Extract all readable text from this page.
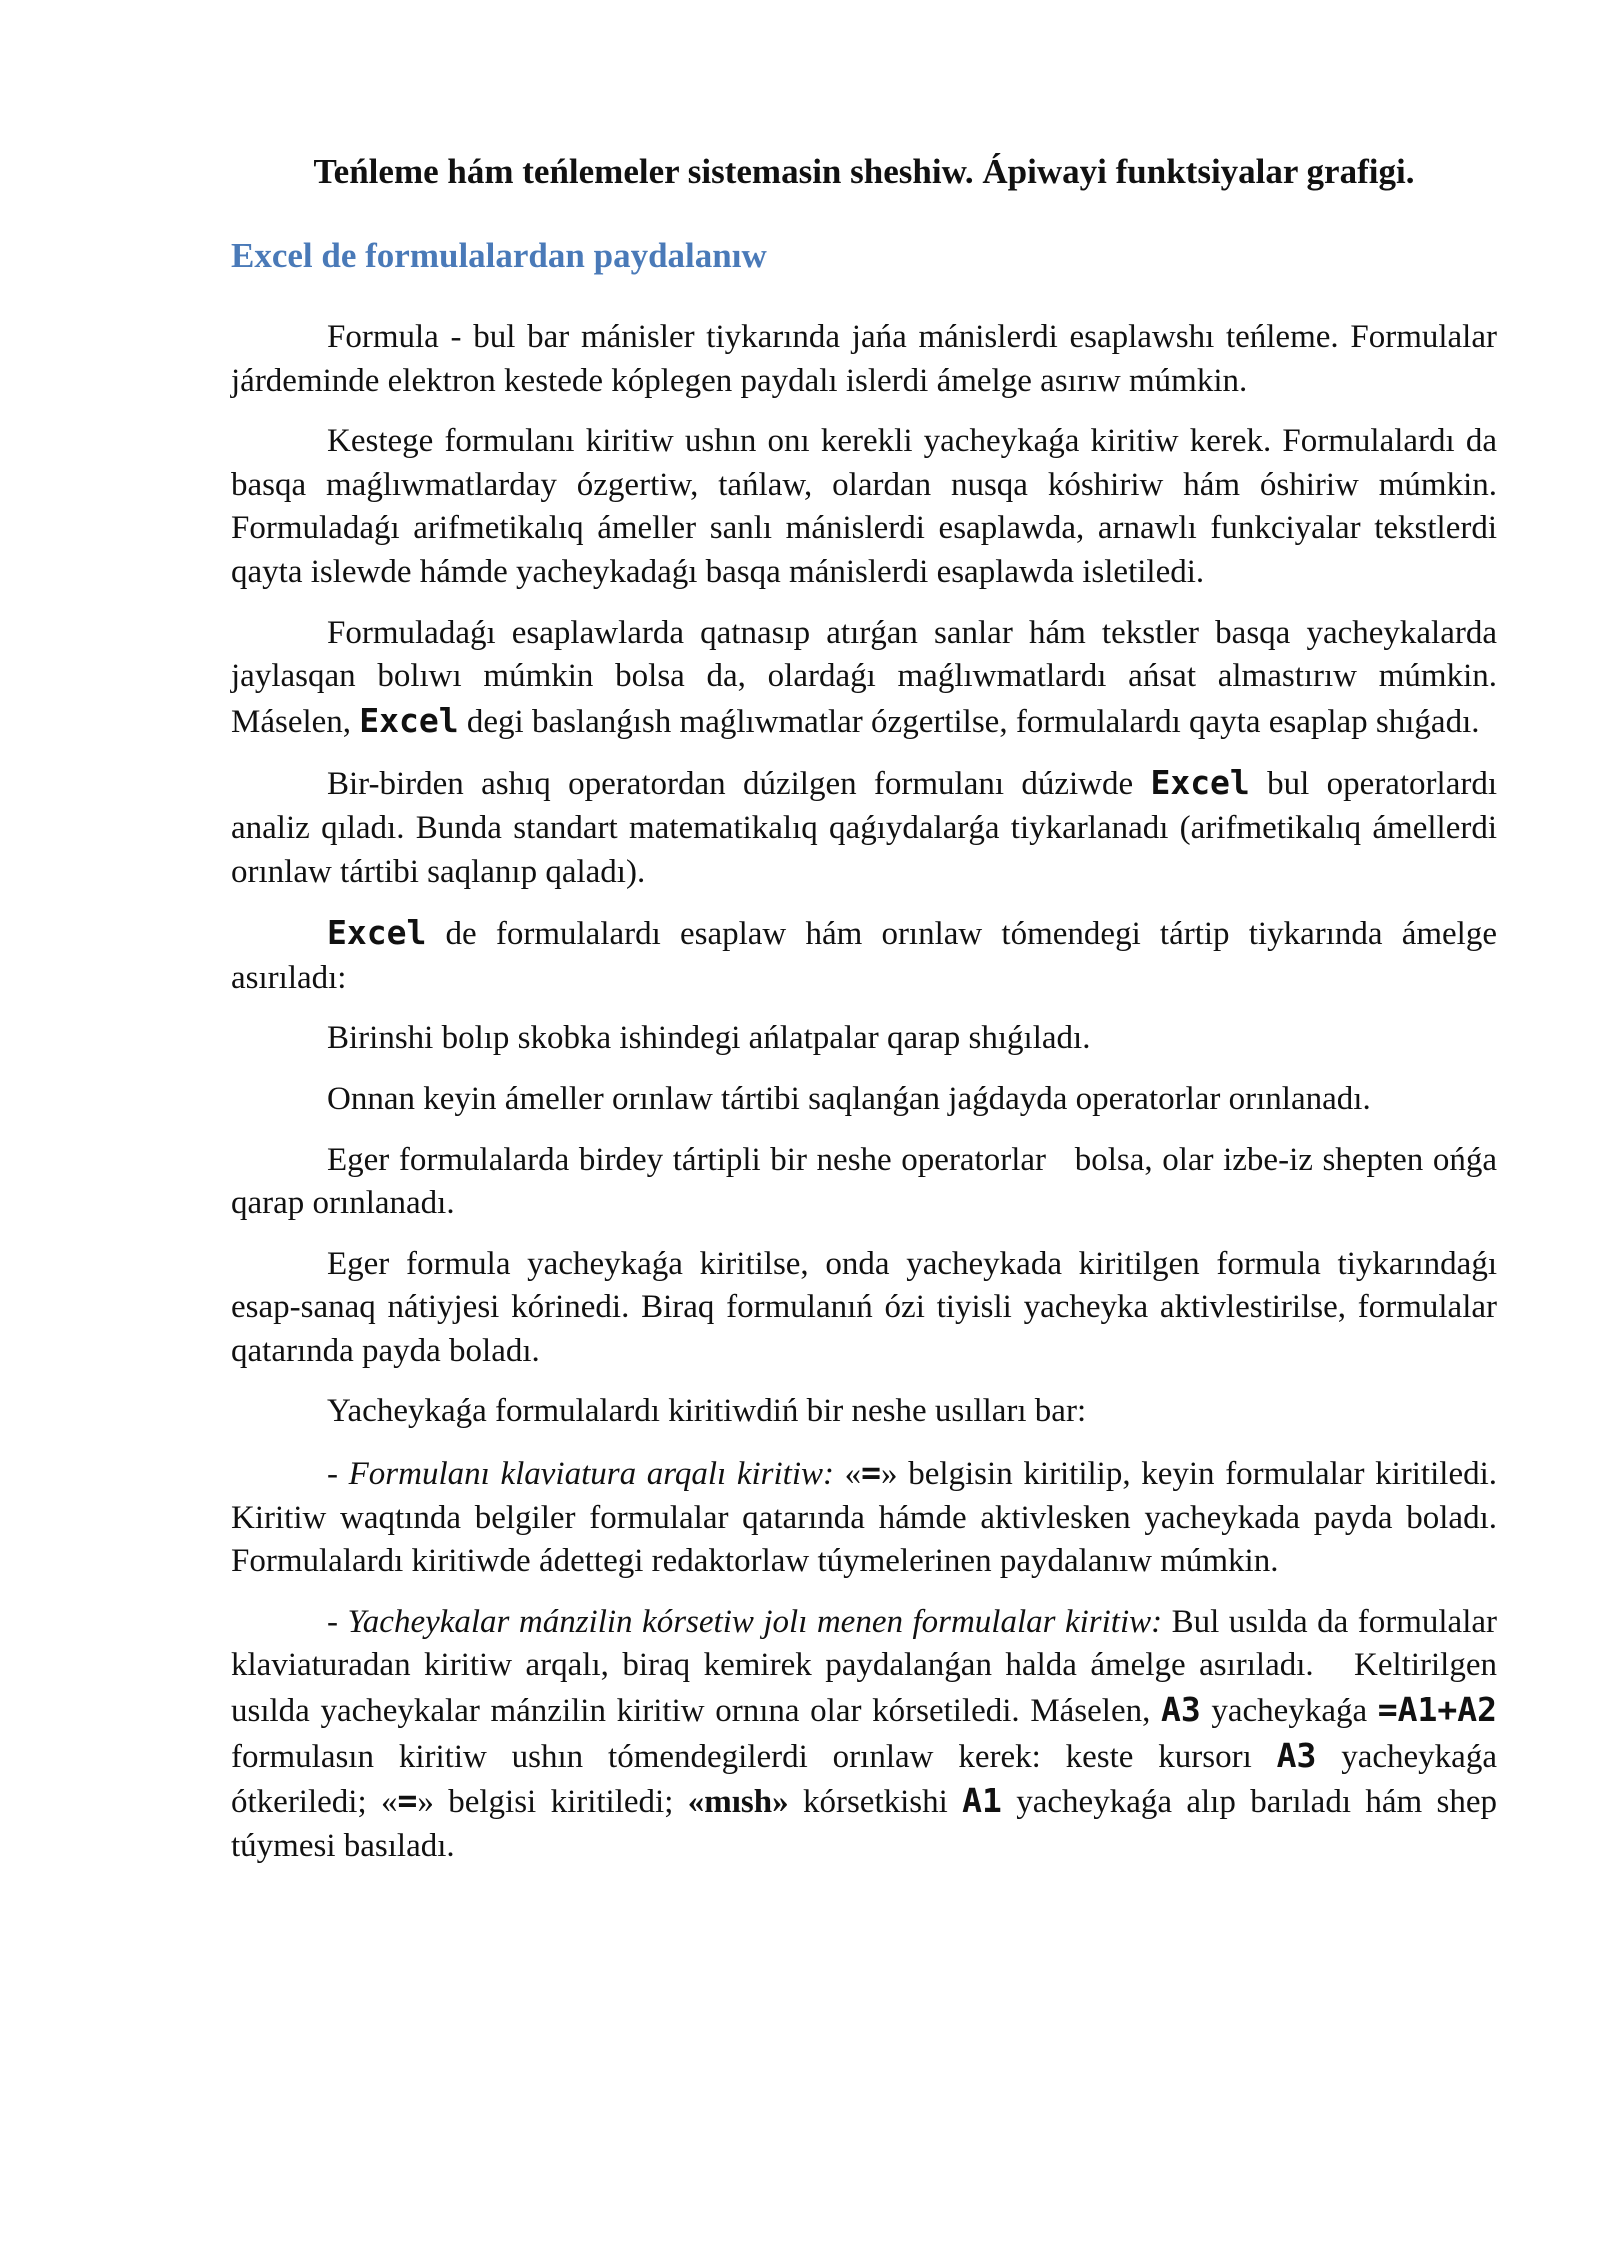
Teńleme hám teńlemeler sistemasin sheshiw. Ápiwayi funktsiyalar grafigi.
Excel de formulalardan paydalanıw

Formula - bul bar mánisler tiykarında jańa mánislerdi esaplawshı teńleme. Formulalar járdeminde elektron kestede kóplegen paydalı islerdi ámelge asırıw múmkin.

Kestege formulanı kiritiw ushın onı kerekli yacheykaǵa kiritiw kerek. Formulalardı da basqa maǵlıwmatlarday ózgertiw, tańlaw, olardan nusqa kóshiriw hám óshiriw múmkin. Formuladaǵı arifmetikalıq ámeller sanlı mánislerdi esaplawda, arnawlı funkciyalar tekstlerdi qayta islewde hámde yacheykadaǵı basqa mánislerdi esaplawda isletiledi.

Formuladaǵı esaplawlarda qatnasıp atırǵan sanlar hám tekstler basqa yacheykalarda jaylasqan bolıwı múmkin bolsa da, olardaǵı maǵlıwmatlardı ańsat almastırıw múmkin. Máselen, Excel degi baslanǵısh maǵlıwmatlar ózgertilse, formulalardı qayta esaplap shıǵadı.

Bir-birden ashıq operatordan dúzilgen formulanı dúziwde Excel bul operatorlardı analiz qıladı. Bunda standart matematikalıq qaǵıydalarǵa tiykarlanadı (arifmetikalıq ámellerdi orınlaw tártibi saqlanıp qaladı).

Excel de formulalardı esaplaw hám orınlaw tómendegi tártip tiykarında ámelge asırıladı:

Birinshi bolıp skobka ishindegi ańlatpalar qarap shıǵıladı.

Onnan keyin ámeller orınlaw tártibi saqlanǵan jaǵdayda operatorlar orınlanadı.

Eger formulalarda birdey tártipli bir neshe operatorlar   bolsa, olar izbe-iz shepten ońǵa qarap orınlanadı.

Eger formula yacheykaǵa kiritilse, onda yacheykada kiritilgen formula tiykarındaǵı esap-sanaq nátiyjesi kórinedi. Biraq formulanıń ózi tiyisli yacheyka aktivlestirilse, formulalar qatarında payda boladı.

Yacheykaǵa formulalardı kiritiwdiń bir neshe usılları bar:

- Formulanı klaviatura arqalı kiritiw: «=» belgisin kiritilip, keyin formulalar kiritiledi. Kiritiw waqtında belgiler formulalar qatarında hámde aktivlesken yacheykada payda boladı. Formulalardı kiritiwde ádettegi redaktorlaw túymelerinen paydalanıw múmkin.

- Yacheykalar mánzilin kórsetiw jolı menen formulalar kiritiw: Bul usılda da formulalar klaviaturadan kiritiw arqalı, biraq kemirek paydalanǵan halda ámelge asırıladı.   Keltirilgen usılda yacheykalar mánzilin kiritiw ornına olar kórsetiledi. Máselen, A3 yacheykaǵa =A1+A2 formulasın kiritiw ushın tómendegilerdi orınlaw kerek: keste kursorı A3 yacheykaǵa  ótkeriledi; «=» belgisi kiritiledi; «mısh» kórsetkishi A1 yacheykaǵa alıp barıladı hám shep túymesi basıladı.
